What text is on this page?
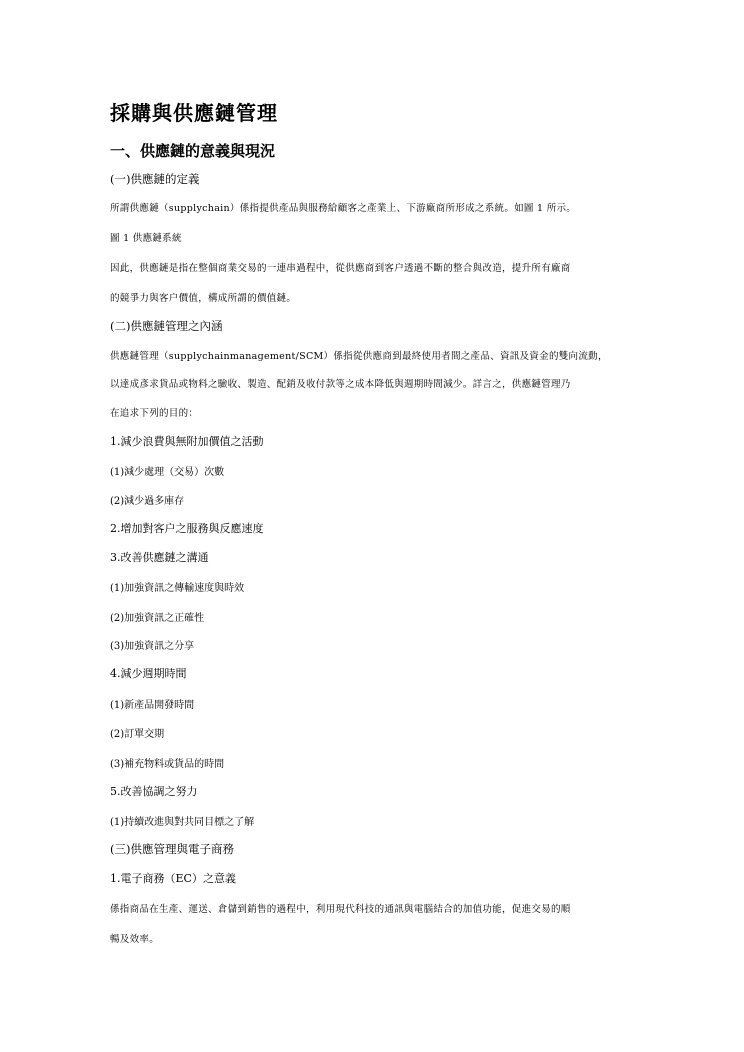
採購與供應鏈管理
一、供應鏈的意義與現況
(一)供應鏈的定義
所謂供應鏈（supplychain）係指提供產品與服務給顧客之產業上、下游廠商所形成之系統。如圖 1 所示。
圖 1 供應鏈系統
因此，供應鏈是指在整個商業交易的一連串過程中，從供應商到客户透過不斷的整合與改造，提升所有廠商
的競爭力與客户價值，構成所謂的價值鏈。
(二)供應鏈管理之內涵
供應鏈管理（supplychainmanagement/SCM）係指從供應商到最終使用者間之產品、資訊及資金的雙向流動，
以達成彥求貨品或物料之驗收、製造、配銷及收付款等之成本降低與週期時間減少。詳言之，供應鏈管理乃
在追求下列的目的：
1.減少浪費與無附加價值之活動
(1)減少處理（交易）次數
(2)減少過多庫存
2.增加對客户之服務與反應速度
3.改善供應鏈之溝通
(1)加強資訊之傳輸速度與時效
(2)加強資訊之正確性
(3)加強資訊之分享
4.減少週期時間
(1)新產品開發時間
(2)訂單交期
(3)補充物料或貨品的時間
5.改善協調之努力
(1)持續改進與對共同目標之了解
(三)供應管理與電子商務
1.電子商務（EC）之意義
係指商品在生產、運送、倉儲到銷售的過程中，利用現代科技的通訊與電腦結合的加值功能，促進交易的順
暢及效率。
